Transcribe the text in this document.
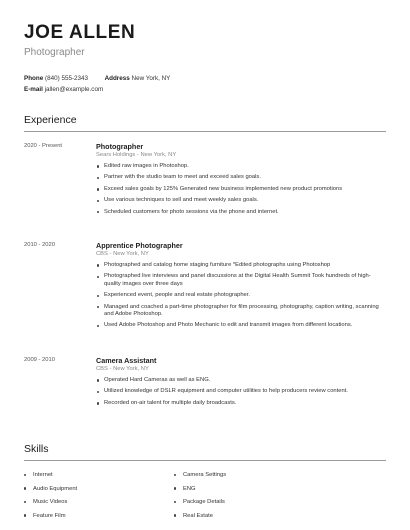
JOE ALLEN
Photographer
Phone (840) 555-2343	Address New York, NY
E-mail jallen@example.com
Experience
2020 - Present	Photographer
Sears Holdings - New York, NY
Edited raw images in Photoshop.
Partner with the studio team to meet and exceed sales goals.
Exceed sales goals by 125% Generated new business implemented new product promotions
Use various techniques to sell and meet weekly sales goals.
Scheduled customers for photo sessions via the phone and internet.
2010 - 2020	Apprentice Photographer
CBS - New York, NY
Photographed and catalog home staging furniture *Edited photographs using Photoshop
Photographed live interviews and panel discussions at the Digital Health Summit Took hundreds of high-quality images over three days
Experienced event, people and real estate photographer.
Managed and coached a part-time photographer for film processing, photography, caption writing, scanning and Adobe Photoshop.
Used Adobe Photoshop and Photo Mechanic to edit and transmit images from different locations.
2009 - 2010	Camera Assistant
CBS - New York, NY
Operated Hard Cameras as well as ENG.
Utilized knowledge of DSLR equipment and computer utilities to help producers review content.
Recorded on-air talent for multiple daily broadcasts.
Skills
Internet
Audio Equipment
Music Videos
Feature Film
Camera Settings
ENG
Package Details
Real Estate
